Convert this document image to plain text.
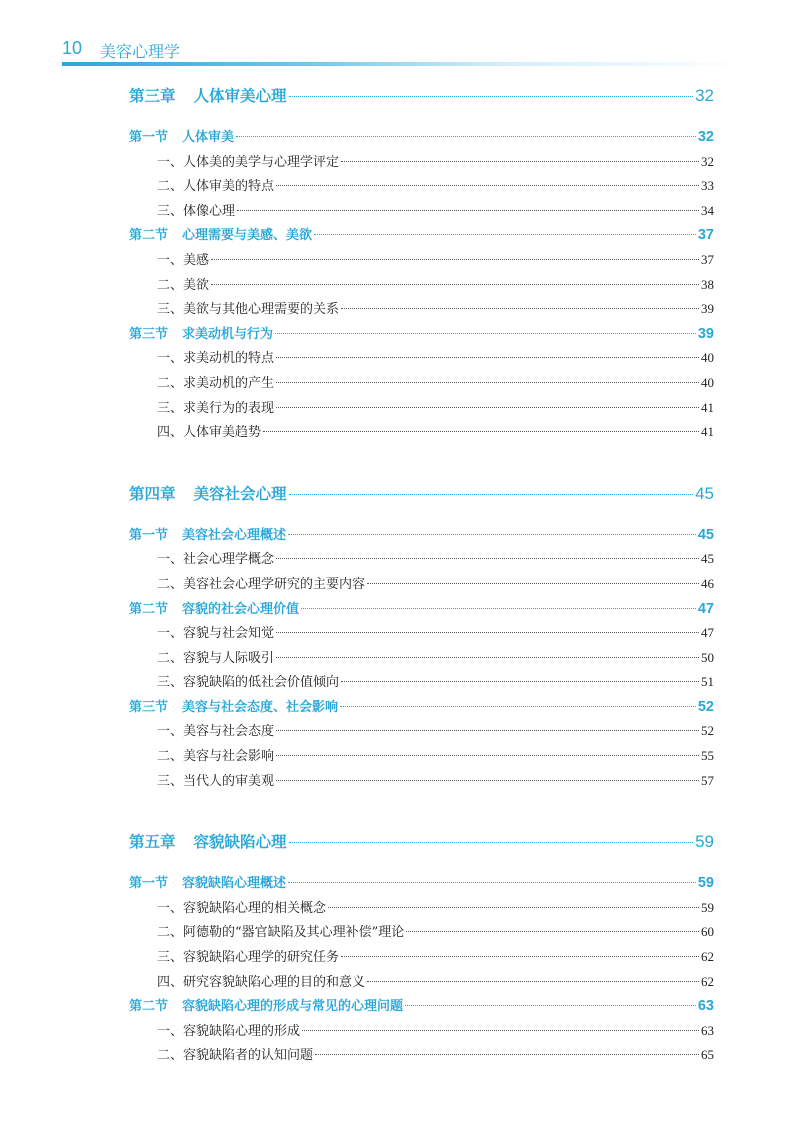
10 美容心理学
第三章 人体审美心理	32
第一节 人体审美	32
一、人体美的美学与心理学评定	32
二、人体审美的特点	33
三、体像心理	34
第二节 心理需要与美感、美欲	37
一、美感	37
二、美欲	38
三、美欲与其他心理需要的关系	39
第三节 求美动机与行为	39
一、求美动机的特点	40
二、求美动机的产生	40
三、求美行为的表现	41
四、人体审美趋势	41
第四章 美容社会心理	45
第一节 美容社会心理概述	45
一、社会心理学概念	45
二、美容社会心理学研究的主要内容	46
第二节 容貌的社会心理价值	47
一、容貌与社会知觉	47
二、容貌与人际吸引	50
三、容貌缺陷的低社会价值倾向	51
第三节 美容与社会态度、社会影响	52
一、美容与社会态度	52
二、美容与社会影响	55
三、当代人的审美观	57
第五章 容貌缺陷心理	59
第一节 容貌缺陷心理概述	59
一、容貌缺陷心理的相关概念	59
二、阿德勒的“器官缺陷及其心理补偿”理论	60
三、容貌缺陷心理学的研究任务	62
四、研究容貌缺陷心理的目的和意义	62
第二节 容貌缺陷心理的形成与常见的心理问题	63
一、容貌缺陷心理的形成	63
二、容貌缺陷者的认知问题	65
